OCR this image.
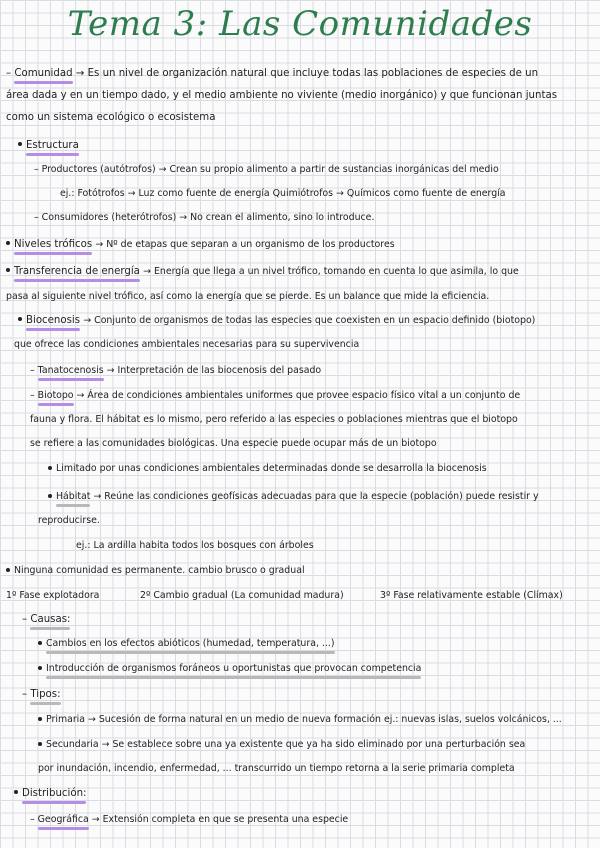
Tema 3: Las Comunidades
– Comunidad → Es un nivel de organización natural que incluye todas las poblaciones de especies de un
área dada y en un tiempo dado, y el medio ambiente no viviente (medio inorgánico) y que funcionan juntas
como un sistema ecológico o ecosistema
Estructura
– Productores (autótrofos) → Crean su propio alimento a partir de sustancias inorgánicas del medio
ej.: Fotótrofos → Luz como fuente de energía Quimiótrofos → Químicos como fuente de energía
– Consumidores (heterótrofos) → No crean el alimento, sino lo introduce.
Niveles tróficos → Nº de etapas que separan a un organismo de los productores
Transferencia de energía → Energía que llega a un nivel trófico, tomando en cuenta lo que asimila, lo que
pasa al siguiente nivel trófico, así como la energía que se pierde. Es un balance que mide la eficiencia.
Biocenosis → Conjunto de organismos de todas las especies que coexisten en un espacio definido (biotopo)
que ofrece las condiciones ambientales necesarias para su supervivencia
– Tanatocenosis → Interpretación de las biocenosis del pasado
– Biotopo → Área de condiciones ambientales uniformes que provee espacio físico vital a un conjunto de
fauna y flora. El hábitat es lo mismo, pero referido a las especies o poblaciones mientras que el biotopo
se refiere a las comunidades biológicas. Una especie puede ocupar más de un biotopo
Limitado por unas condiciones ambientales determinadas donde se desarrolla la biocenosis
Hábitat → Reúne las condiciones geofísicas adecuadas para que la especie (población) puede resistir y
reproducirse.
ej.: La ardilla habita todos los bosques con árboles
Ninguna comunidad es permanente. cambio brusco o gradual
1º Fase explotadora	2º Cambio gradual (La comunidad madura)	3º Fase relativamente estable (Clímax)
– Causas:
Cambios en los efectos abióticos (humedad, temperatura, ...)
Introducción de organismos foráneos u oportunistas que provocan competencia
– Tipos:
Primaria → Sucesión de forma natural en un medio de nueva formación ej.: nuevas islas, suelos volcánicos, ...
Secundaria → Se establece sobre una ya existente que ya ha sido eliminado por una perturbación sea
por inundación, incendio, enfermedad, ... transcurrido un tiempo retorna a la serie primaria completa
Distribución:
– Geográfica → Extensión completa en que se presenta una especie
